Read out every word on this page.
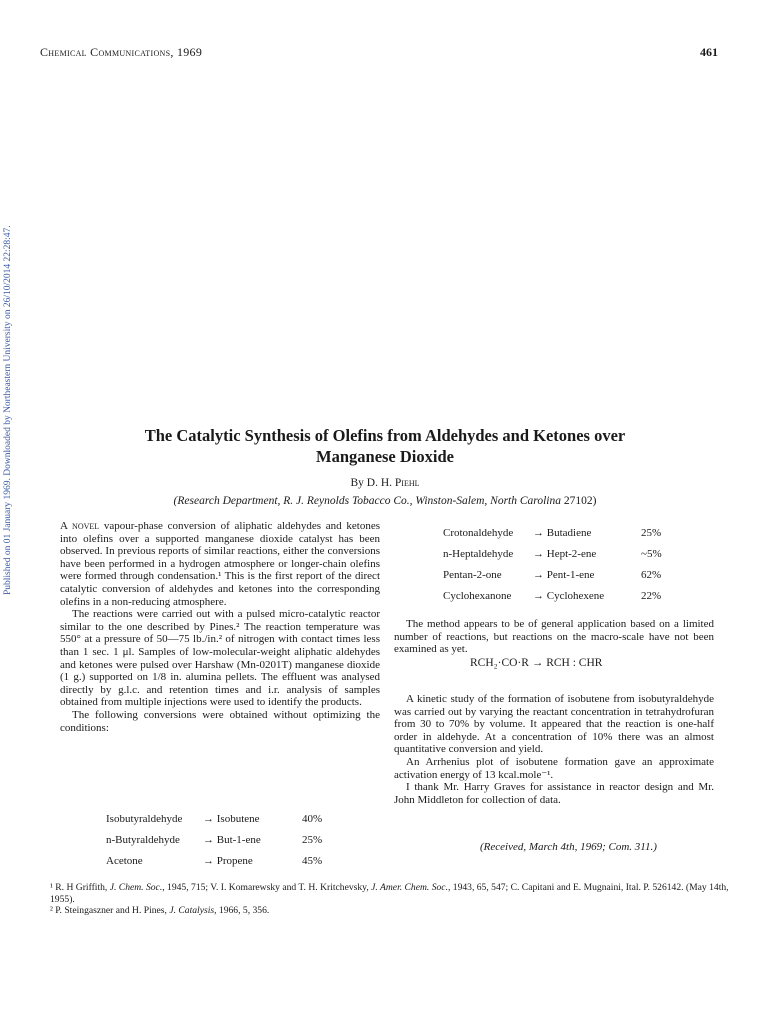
Chemical Communications, 1969	461
Published on 01 January 1969. Downloaded by Northeastern University on 26/10/2014 22:28:47.	The Catalytic Synthesis of Olefins from Aldehydes and Ketones over
Manganese Dioxide
By D. H. Piehl
(Research Department, R. J. Reynolds Tobacco Co., Winston-Salem, North Carolina 27102)

A novel vapour-phase conversion of aliphatic aldehydes and ketones into olefins over a supported manganese dioxide catalyst has been observed. In previous reports of similar reactions, either the conversions have been performed in a hydrogen atmosphere or longer-chain olefins were formed through condensation.¹ This is the first report of the direct catalytic conversion of aldehydes and ketones into the corresponding olefins in a non-reducing atmosphere.

The reactions were carried out with a pulsed micro-catalytic reactor similar to the one described by Pines.² The reaction temperature was 550° at a pressure of 50—75 lb./in.² of nitrogen with contact times less than 1 sec. 1 μl. Samples of low-molecular-weight aliphatic aldehydes and ketones were pulsed over Harshaw (Mn-0201T) manganese dioxide (1 g.) supported on 1/8 in. alumina pellets. The effluent was analysed directly by g.l.c. and retention times and i.r. analysis of samples obtained from multiple injections were used to identify the products.

The following conversions were obtained without optimizing the conditions:

Isobutyraldehyde → Isobutene	40%
n-Butyraldehyde → But-1-ene	25%
Acetone	→ Propene	45%
Crotonaldehyde → Butadiene	25%
n-Heptaldehyde → Hept-2-ene	~5%
Pentan-2-one	→ Pent-1-ene	62%
Cyclohexanone → Cyclohexene	22%

The method appears to be of general application based on a limited number of reactions, but reactions on the macro-scale have not been examined as yet.

RCH₂·CO·R → RCH : CHR

A kinetic study of the formation of isobutene from isobutyraldehyde was carried out by varying the reactant concentration in tetrahydrofuran from 30 to 70% by volume. It appeared that the reaction is one-half order in aldehyde. At a concentration of 10% there was an almost quantitative conversion and yield.

An Arrhenius plot of isobutene formation gave an approximate activation energy of 13 kcal.mole⁻¹.

I thank Mr. Harry Graves for assistance in reactor design and Mr. John Middleton for collection of data.

(Received, March 4th, 1969; Com. 311.)
¹ R. H Griffith, J. Chem. Soc., 1945, 715; V. I. Komarewsky and T. H. Kritchevsky, J. Amer. Chem. Soc., 1943, 65, 547; C. Capitani and E. Mugnaini, Ital. P. 526142. (May 14th, 1955).
² P. Steingaszner and H. Pines, J. Catalysis, 1966, 5, 356.
